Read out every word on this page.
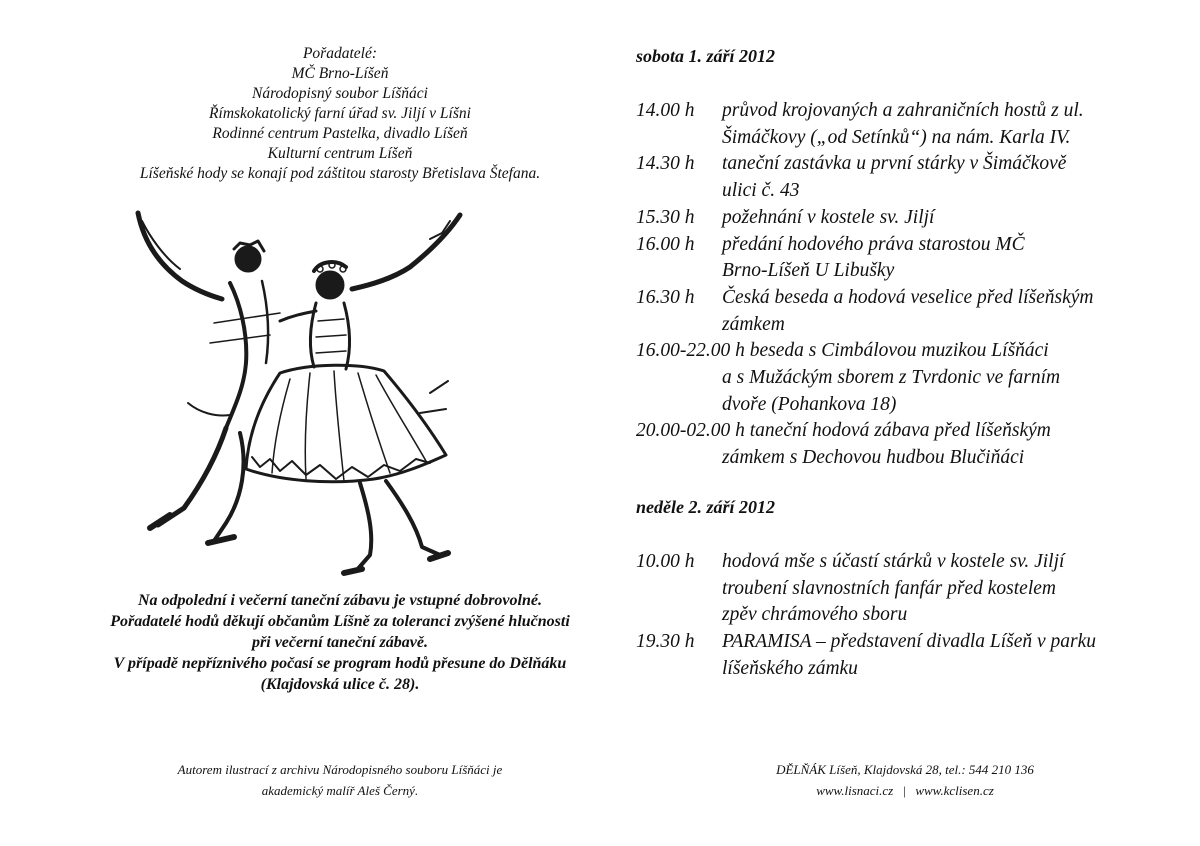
Pořadatelé:
MČ Brno-Líšeň
Národopisný soubor Líšňáci
Římskokatolický farní úřad sv. Jiljí v Líšni
Rodinné centrum Pastelka, divadlo Líšeň
Kulturní centrum Líšeň
Líšeňské hody se konají pod záštitou starosty Břetislava Štefana.
Na odpolední i večerní taneční zábavu je vstupné dobrovolné.
Pořadatelé hodů děkují občanům Líšně za toleranci zvýšené hlučnosti
při večerní taneční zábavě.
V případě nepříznivého počasí se program hodů přesune do Dělňáku
(Klajdovská ulice č. 28).
Autorem ilustrací z archivu Národopisného souboru Líšňáci je
akademický malíř Aleš Černý.
sobota 1. září 2012
14.00 h průvod krojovaných a zahraničních hostů z ul.
Šimáčkovy („od Setínků“) na nám. Karla IV.
14.30 h taneční zastávka u první stárky v Šimáčkově
ulici č. 43
15.30 h požehnání v kostele sv. Jiljí
16.00 h předání hodového práva starostou MČ
Brno-Líšeň U Libušky
16.30 h Česká beseda a hodová veselice před líšeňským
zámkem
16.00-22.00 h beseda s Cimbálovou muzikou Líšňáci
a s Mužáckým sborem z Tvrdonic ve farním
dvoře (Pohankova 18)
20.00-02.00 h taneční hodová zábava před líšeňským
zámkem s Dechovou hudbou Blučiňáci
neděle 2. září 2012
10.00 h hodová mše s účastí stárků v kostele sv. Jiljí
troubení slavnostních fanfár před kostelem
zpěv chrámového sboru
19.30 h PARAMISA – představení divadla Líšeň v parku
líšeňského zámku
DĚLŇÁK Líšeň, Klajdovská 28, tel.: 544 210 136
www.lisnaci.cz | www.kclisen.cz
